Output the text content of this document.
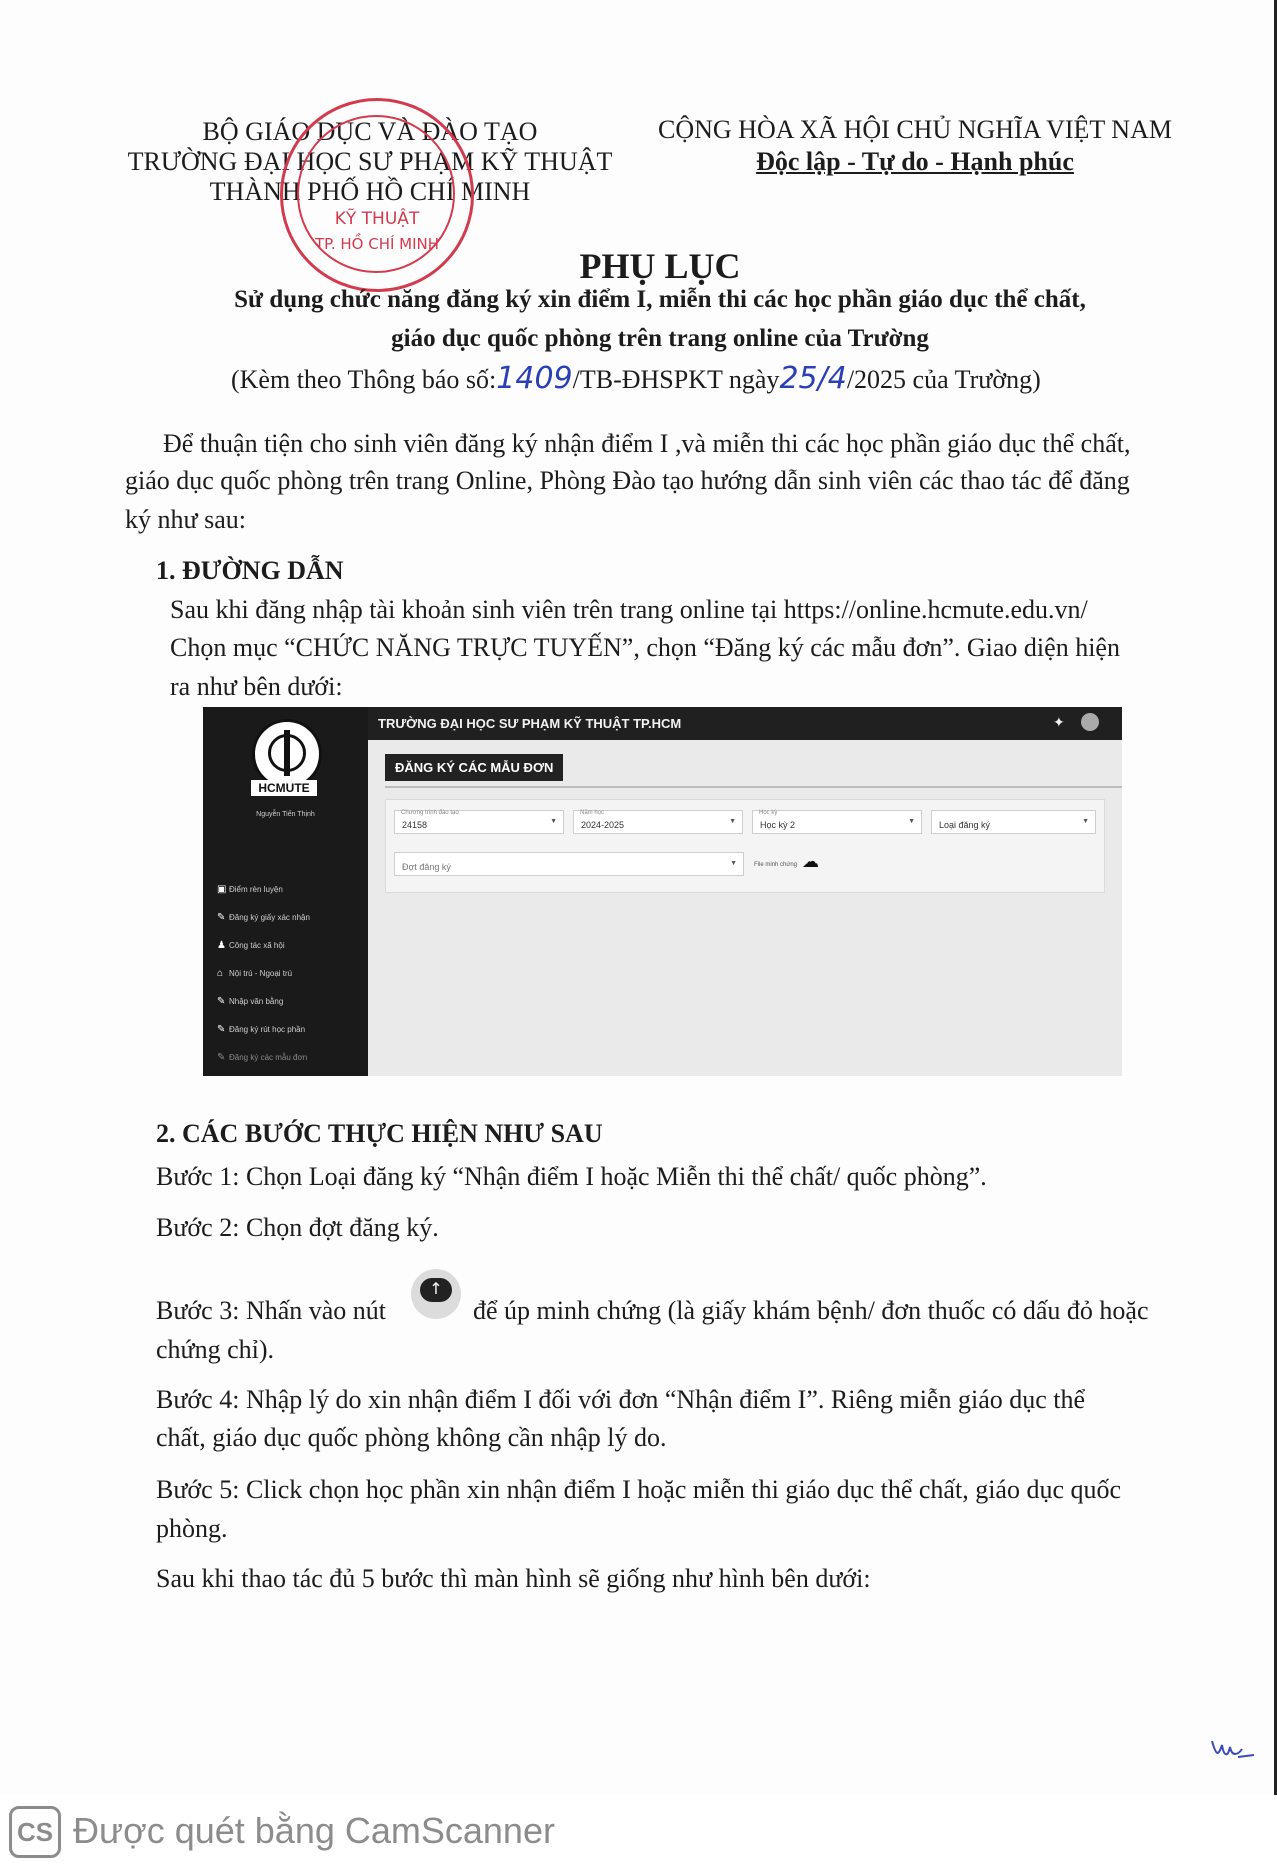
BỘ GIÁO DỤC VÀ ĐÀO TẠO
TRƯỜNG ĐẠI HỌC SƯ PHẠM KỸ THUẬT
THÀNH PHỐ HỒ CHÍ MINH
CỘNG HÒA XÃ HỘI CHỦ NGHĨA VIỆT NAM
Độc lập - Tự do - Hạnh phúc
KỸ THUẬT
TP. HỒ CHÍ MINH
PHỤ LỤC
Sử dụng chức năng đăng ký xin điểm I, miễn thi các học phần giáo dục thể chất,
giáo dục quốc phòng trên trang online của Trường
(Kèm theo Thông báo số:1409/TB-ĐHSPKT ngày25/4/2025 của Trường)
Để thuận tiện cho sinh viên đăng ký nhận điểm I ,và miễn thi các học phần giáo dục thể chất,
giáo dục quốc phòng trên trang Online, Phòng Đào tạo hướng dẫn sinh viên các thao tác để đăng
ký như sau:
1. ĐƯỜNG DẪN
Sau khi đăng nhập tài khoản sinh viên trên trang online tại https://online.hcmute.edu.vn/
Chọn mục “CHỨC NĂNG TRỰC TUYẾN”, chọn “Đăng ký các mẫu đơn”. Giao diện hiện
ra như bên dưới:
HCMUTE
Nguyễn Tiến Thịnh
▣ Điểm rèn luyện
✎ Đăng ký giấy xác nhận
♟ Công tác xã hội
⌂ Nội trú - Ngoại trú
✎ Nhập văn bằng
✎ Đăng ký rút học phần
✎ Đăng ký các mẫu đơn
TRƯỜNG ĐẠI HỌC SƯ PHẠM KỸ THUẬT TP.HCM	✦
ĐĂNG KÝ CÁC MẪU ĐƠN
Chương trình đào tạo
24158	▼
Năm học
2024-2025	▼
Học kỳ
Học kỳ 2	▼	Loại đăng ký	▼
Đợt đăng ký	▼	File minh chứng ☁
2. CÁC BƯỚC THỰC HIỆN NHƯ SAU
Bước 1: Chọn Loại đăng ký “Nhận điểm I hoặc Miễn thi thể chất/ quốc phòng”.
Bước 2: Chọn đợt đăng ký.
Bước 3: Nhấn vào nút
↑
để úp minh chứng (là giấy khám bệnh/ đơn thuốc có dấu đỏ hoặc
chứng chỉ).
Bước 4: Nhập lý do xin nhận điểm I đối với đơn “Nhận điểm I”. Riêng miễn giáo dục thể
chất, giáo dục quốc phòng không cần nhập lý do.
Bước 5: Click chọn học phần xin nhận điểm I hoặc miễn thi giáo dục thể chất, giáo dục quốc
phòng.
Sau khi thao tác đủ 5 bước thì màn hình sẽ giống như hình bên dưới:
CS Được quét bằng CamScanner
